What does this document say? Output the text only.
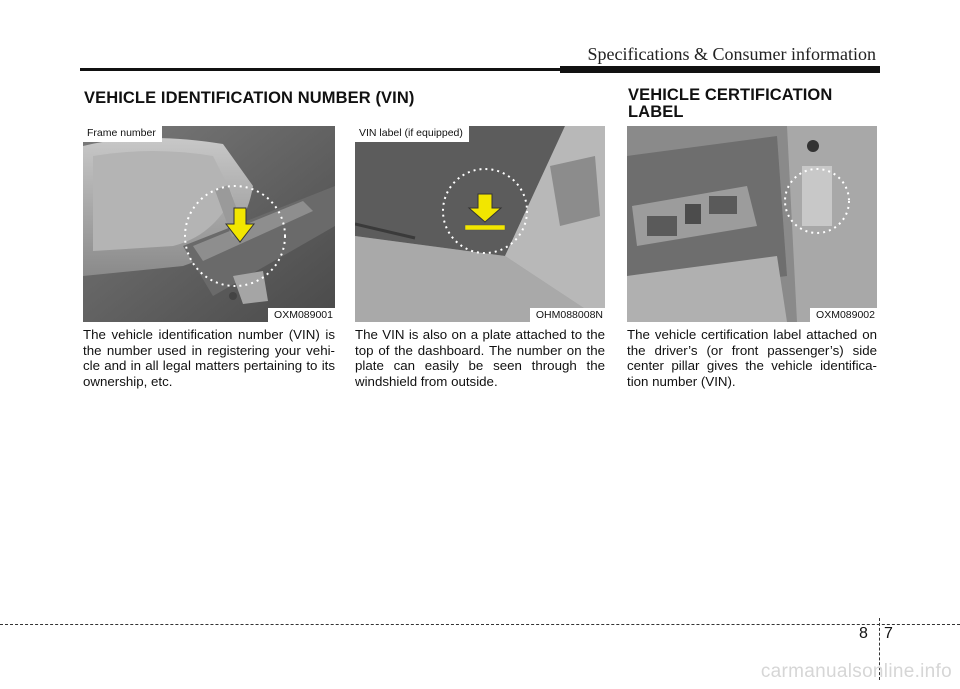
Specifications & Consumer information
VEHICLE IDENTIFICATION NUMBER (VIN)	VEHICLE CERTIFICATION
LABEL
Frame number
OXM089001
VIN label (if equipped)
OHM088008N	OXM089002
The vehicle identification number (VIN) is the number used in registering your vehi-cle and in all legal matters pertaining to its ownership, etc.
The VIN is also on a plate attached to the top of the dashboard. The number on the plate can easily be seen through the windshield from outside.
The vehicle certification label attached on the driver’s (or front passenger’s) side center pillar gives the vehicle identifica-tion number (VIN).
8 7
carmanualsonline.info
